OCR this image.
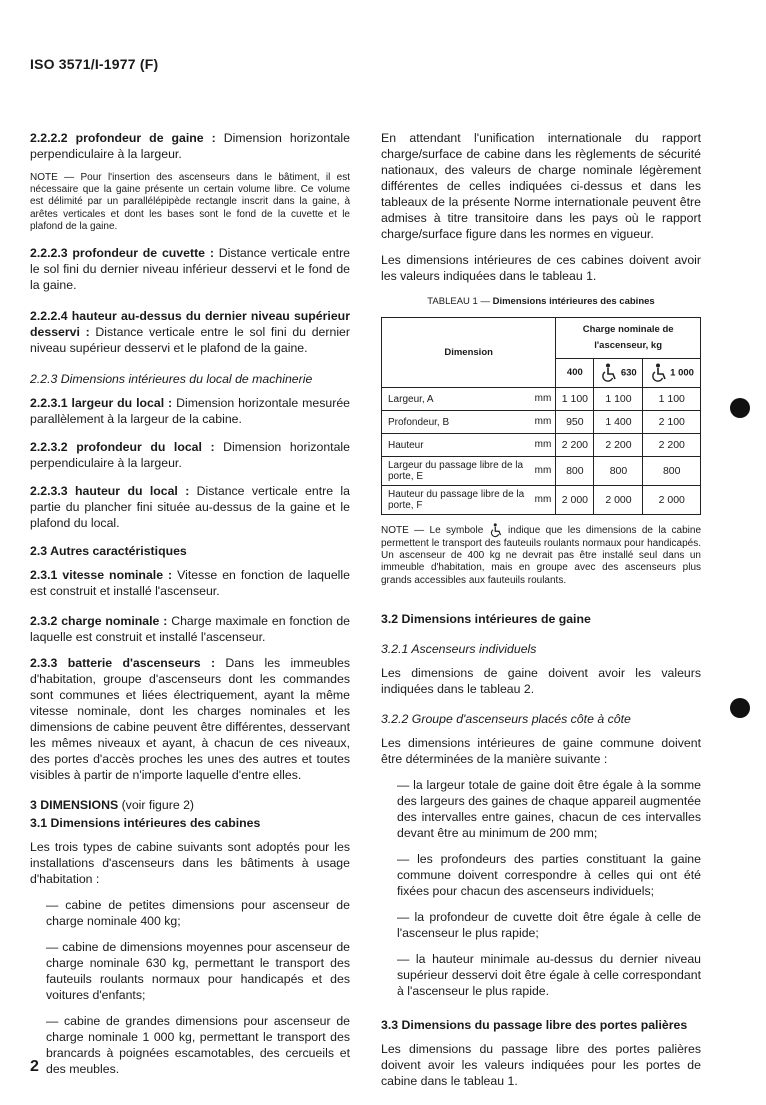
ISO 3571/I-1977 (F)

2.2.2.2 profondeur de gaine : Dimension horizontale perpendiculaire à la largeur.

NOTE — Pour l'insertion des ascenseurs dans le bâtiment, il est nécessaire que la gaine présente un certain volume libre. Ce volume est délimité par un parallélépipède rectangle inscrit dans la gaine, à arêtes verticales et dont les bases sont le fond de la cuvette et le plafond de la gaine.

2.2.2.3 profondeur de cuvette : Distance verticale entre le sol fini du dernier niveau inférieur desservi et le fond de la gaine.

2.2.2.4 hauteur au-dessus du dernier niveau supérieur desservi : Distance verticale entre le sol fini du dernier niveau supérieur desservi et le plafond de la gaine.

2.2.3 Dimensions intérieures du local de machinerie

2.2.3.1 largeur du local : Dimension horizontale mesurée parallèlement à la largeur de la cabine.

2.2.3.2 profondeur du local : Dimension horizontale perpendiculaire à la largeur.

2.2.3.3 hauteur du local : Distance verticale entre la partie du plancher fini située au-dessus de la gaine et le plafond du local.

2.3 Autres caractéristiques

2.3.1 vitesse nominale : Vitesse en fonction de laquelle est construit et installé l'ascenseur.

2.3.2 charge nominale : Charge maximale en fonction de laquelle est construit et installé l'ascenseur.

2.3.3 batterie d'ascenseurs : Dans les immeubles d'habitation, groupe d'ascenseurs dont les commandes sont communes et liées électriquement, ayant la même vitesse nominale, dont les charges nominales et les dimensions de cabine peuvent être différentes, desservant les mêmes niveaux et ayant, à chacun de ces niveaux, des portes d'accès proches les unes des autres et toutes visibles à partir de n'importe laquelle d'entre elles.

3 DIMENSIONS (voir figure 2)

3.1 Dimensions intérieures des cabines

Les trois types de cabine suivants sont adoptés pour les installations d'ascenseurs dans les bâtiments à usage d'habitation :

— cabine de petites dimensions pour ascenseur de charge nominale 400 kg;

— cabine de dimensions moyennes pour ascenseur de charge nominale 630 kg, permettant le transport des fauteuils roulants normaux pour handicapés et des voitures d'enfants;

— cabine de grandes dimensions pour ascenseur de charge nominale 1 000 kg, permettant le transport des brancards à poignées escamotables, des cercueils et des meubles.

En attendant l'unification internationale du rapport charge/surface de cabine dans les règlements de sécurité nationaux, des valeurs de charge nominale légèrement différentes de celles indiquées ci-dessus et dans les tableaux de la présente Norme internationale peuvent être admises à titre transitoire dans les pays où le rapport charge/surface figure dans les normes en vigueur.

Les dimensions intérieures de ces cabines doivent avoir les valeurs indiquées dans le tableau 1.

TABLEAU 1 — Dimensions intérieures des cabines
Dimension		Charge nominale de l'ascenseur, kg		
		400	630	1 000
Largeur, A	mm	1 100	1 100	1 100
Profondeur, B	mm	950	1 400	2 100
Hauteur	mm	2 200	2 200	2 200
Largeur du passage libre de la porte, E	mm	800	800	800
Hauteur du passage libre de la porte, F	mm	2 000	2 000	2 000

NOTE — Le symbole  indique que les dimensions de la cabine permettent le transport des fauteuils roulants normaux pour handicapés. Un ascenseur de 400 kg ne devrait pas être installé seul dans un immeuble d'habitation, mais en groupe avec des ascenseurs plus grands accessibles aux fauteuils roulants.

3.2 Dimensions intérieures de gaine

3.2.1 Ascenseurs individuels

Les dimensions de gaine doivent avoir les valeurs indiquées dans le tableau 2.

3.2.2 Groupe d'ascenseurs placés côte à côte

Les dimensions intérieures de gaine commune doivent être déterminées de la manière suivante :

— la largeur totale de gaine doit être égale à la somme des largeurs des gaines de chaque appareil augmentée des intervalles entre gaines, chacun de ces intervalles devant être au minimum de 200 mm;

— les profondeurs des parties constituant la gaine commune doivent correspondre à celles qui ont été fixées pour chacun des ascenseurs individuels;

— la profondeur de cuvette doit être égale à celle de l'ascenseur le plus rapide;

— la hauteur minimale au-dessus du dernier niveau supérieur desservi doit être égale à celle correspondant à l'ascenseur le plus rapide.

3.3 Dimensions du passage libre des portes palières

Les dimensions du passage libre des portes palières doivent avoir les valeurs indiquées pour les portes de cabine dans le tableau 1.

2
